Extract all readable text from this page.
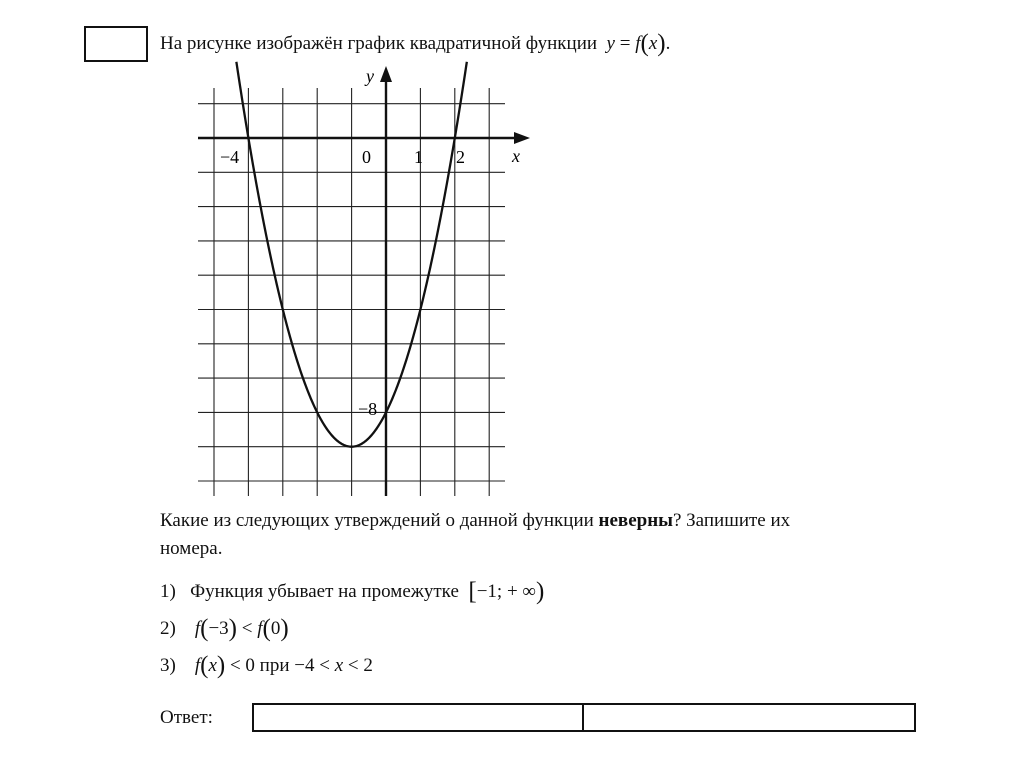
На рисунке изображён график квадратичной функции y = f(x).
y
x
−4	0 1 2
−8
Какие из следующих утверждений о данной функции неверны? Запишите их
номера.
1) Функция убывает на промежутке [−1; + ∞)
2) f(−3) < f(0)
3) f(x) < 0 при −4 < x < 2
Ответ:
